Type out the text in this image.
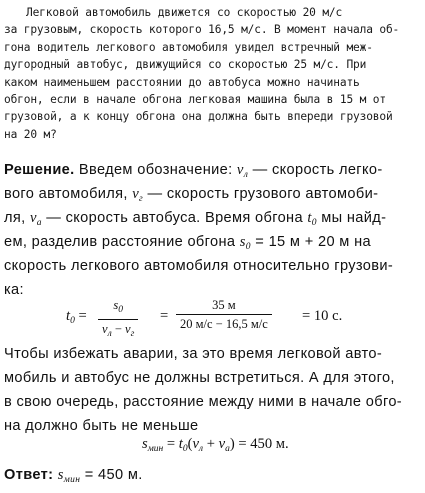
Легковой автомобиль движется со скоростью 20 м/с
за грузовым, скорость которого 16,5 м/с. В момент начала об-
гона водитель легкового автомобиля увидел встречный меж-
дугородный автобус, движущийся со скоростью 25 м/с. При
каком наименьшем расстоянии до автобуса можно начинать
обгон, если в начале обгона легковая машина была в 15 м от
грузовой, а к концу обгона она должна быть впереди грузовой
на 20 м?
Решение. Введем обозначение: $v_л$ — скорость легко-
вого автомобиля, $v_г$ — скорость грузового автомоби-
ля, $v_а$ — скорость автобуса. Время обгона $t_0$ мы найд-
ем, разделив расстояние обгона $s_0 = 15$ м + 20 м на
скорость легкового автомобиля относительно грузови-
ка:
$t_0$ =
$s_0$
$v_л - v_г$
=
35 м
20 м/с − 16,5 м/с = 10 с.
Чтобы избежать аварии, за это время легковой авто-
мобиль и автобус не должны встретиться. А для этого,
в свою очередь, расстояние между ними в начале обго-
на должно быть не меньше
$s_{мин} = t_0(v_л + v_а) = 450$ м.
Ответ: $s_{мин} = 450$ м.
